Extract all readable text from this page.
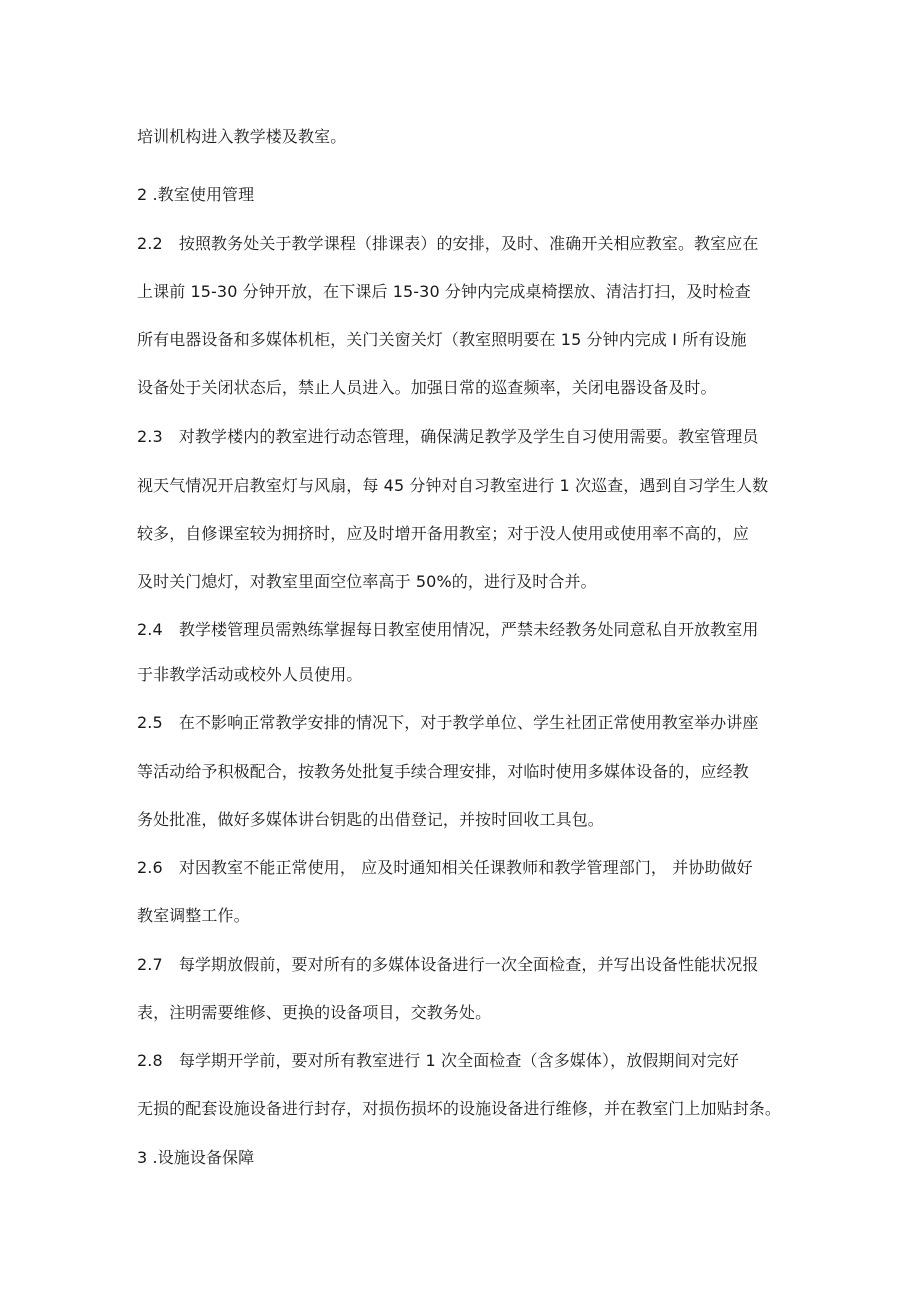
培训机构进入教学楼及教室。
2 .教室使用管理
2.2　按照教务处关于教学课程（排课表）的安排，及时、准确开关相应教室。教室应在
上课前 15-30 分钟开放，在下课后 15-30 分钟内完成桌椅摆放、清洁打扫，及时检查
所有电器设备和多媒体机柜，关门关窗关灯（教室照明要在 15 分钟内完成 I 所有设施
设备处于关闭状态后，禁止人员进入。加强日常的巡查频率，关闭电器设备及时。
2.3　对教学楼内的教室进行动态管理，确保满足教学及学生自习使用需要。教室管理员
视天气情况开启教室灯与风扇，每 45 分钟对自习教室进行 1 次巡查，遇到自习学生人数
较多，自修课室较为拥挤时，应及时增开备用教室；对于没人使用或使用率不高的，应
及时关门熄灯，对教室里面空位率高于 50%的，进行及时合并。
2.4　教学楼管理员需熟练掌握每日教室使用情况，严禁未经教务处同意私自开放教室用
于非教学活动或校外人员使用。
2.5　在不影响正常教学安排的情况下，对于教学单位、学生社团正常使用教室举办讲座
等活动给予积极配合，按教务处批复手续合理安排，对临时使用多媒体设备的，应经教
务处批准，做好多媒体讲台钥匙的出借登记，并按时回收工具包。
2.6　对因教室不能正常使用， 应及时通知相关任课教师和教学管理部门， 并协助做好
教室调整工作。
2.7　每学期放假前，要对所有的多媒体设备进行一次全面检查，并写出设备性能状况报
表，注明需要维修、更换的设备项目，交教务处。
2.8　每学期开学前，要对所有教室进行 1 次全面检查（含多媒体），放假期间对完好
无损的配套设施设备进行封存，对损伤损坏的设施设备进行维修，并在教室门上加贴封条。
3 .设施设备保障
